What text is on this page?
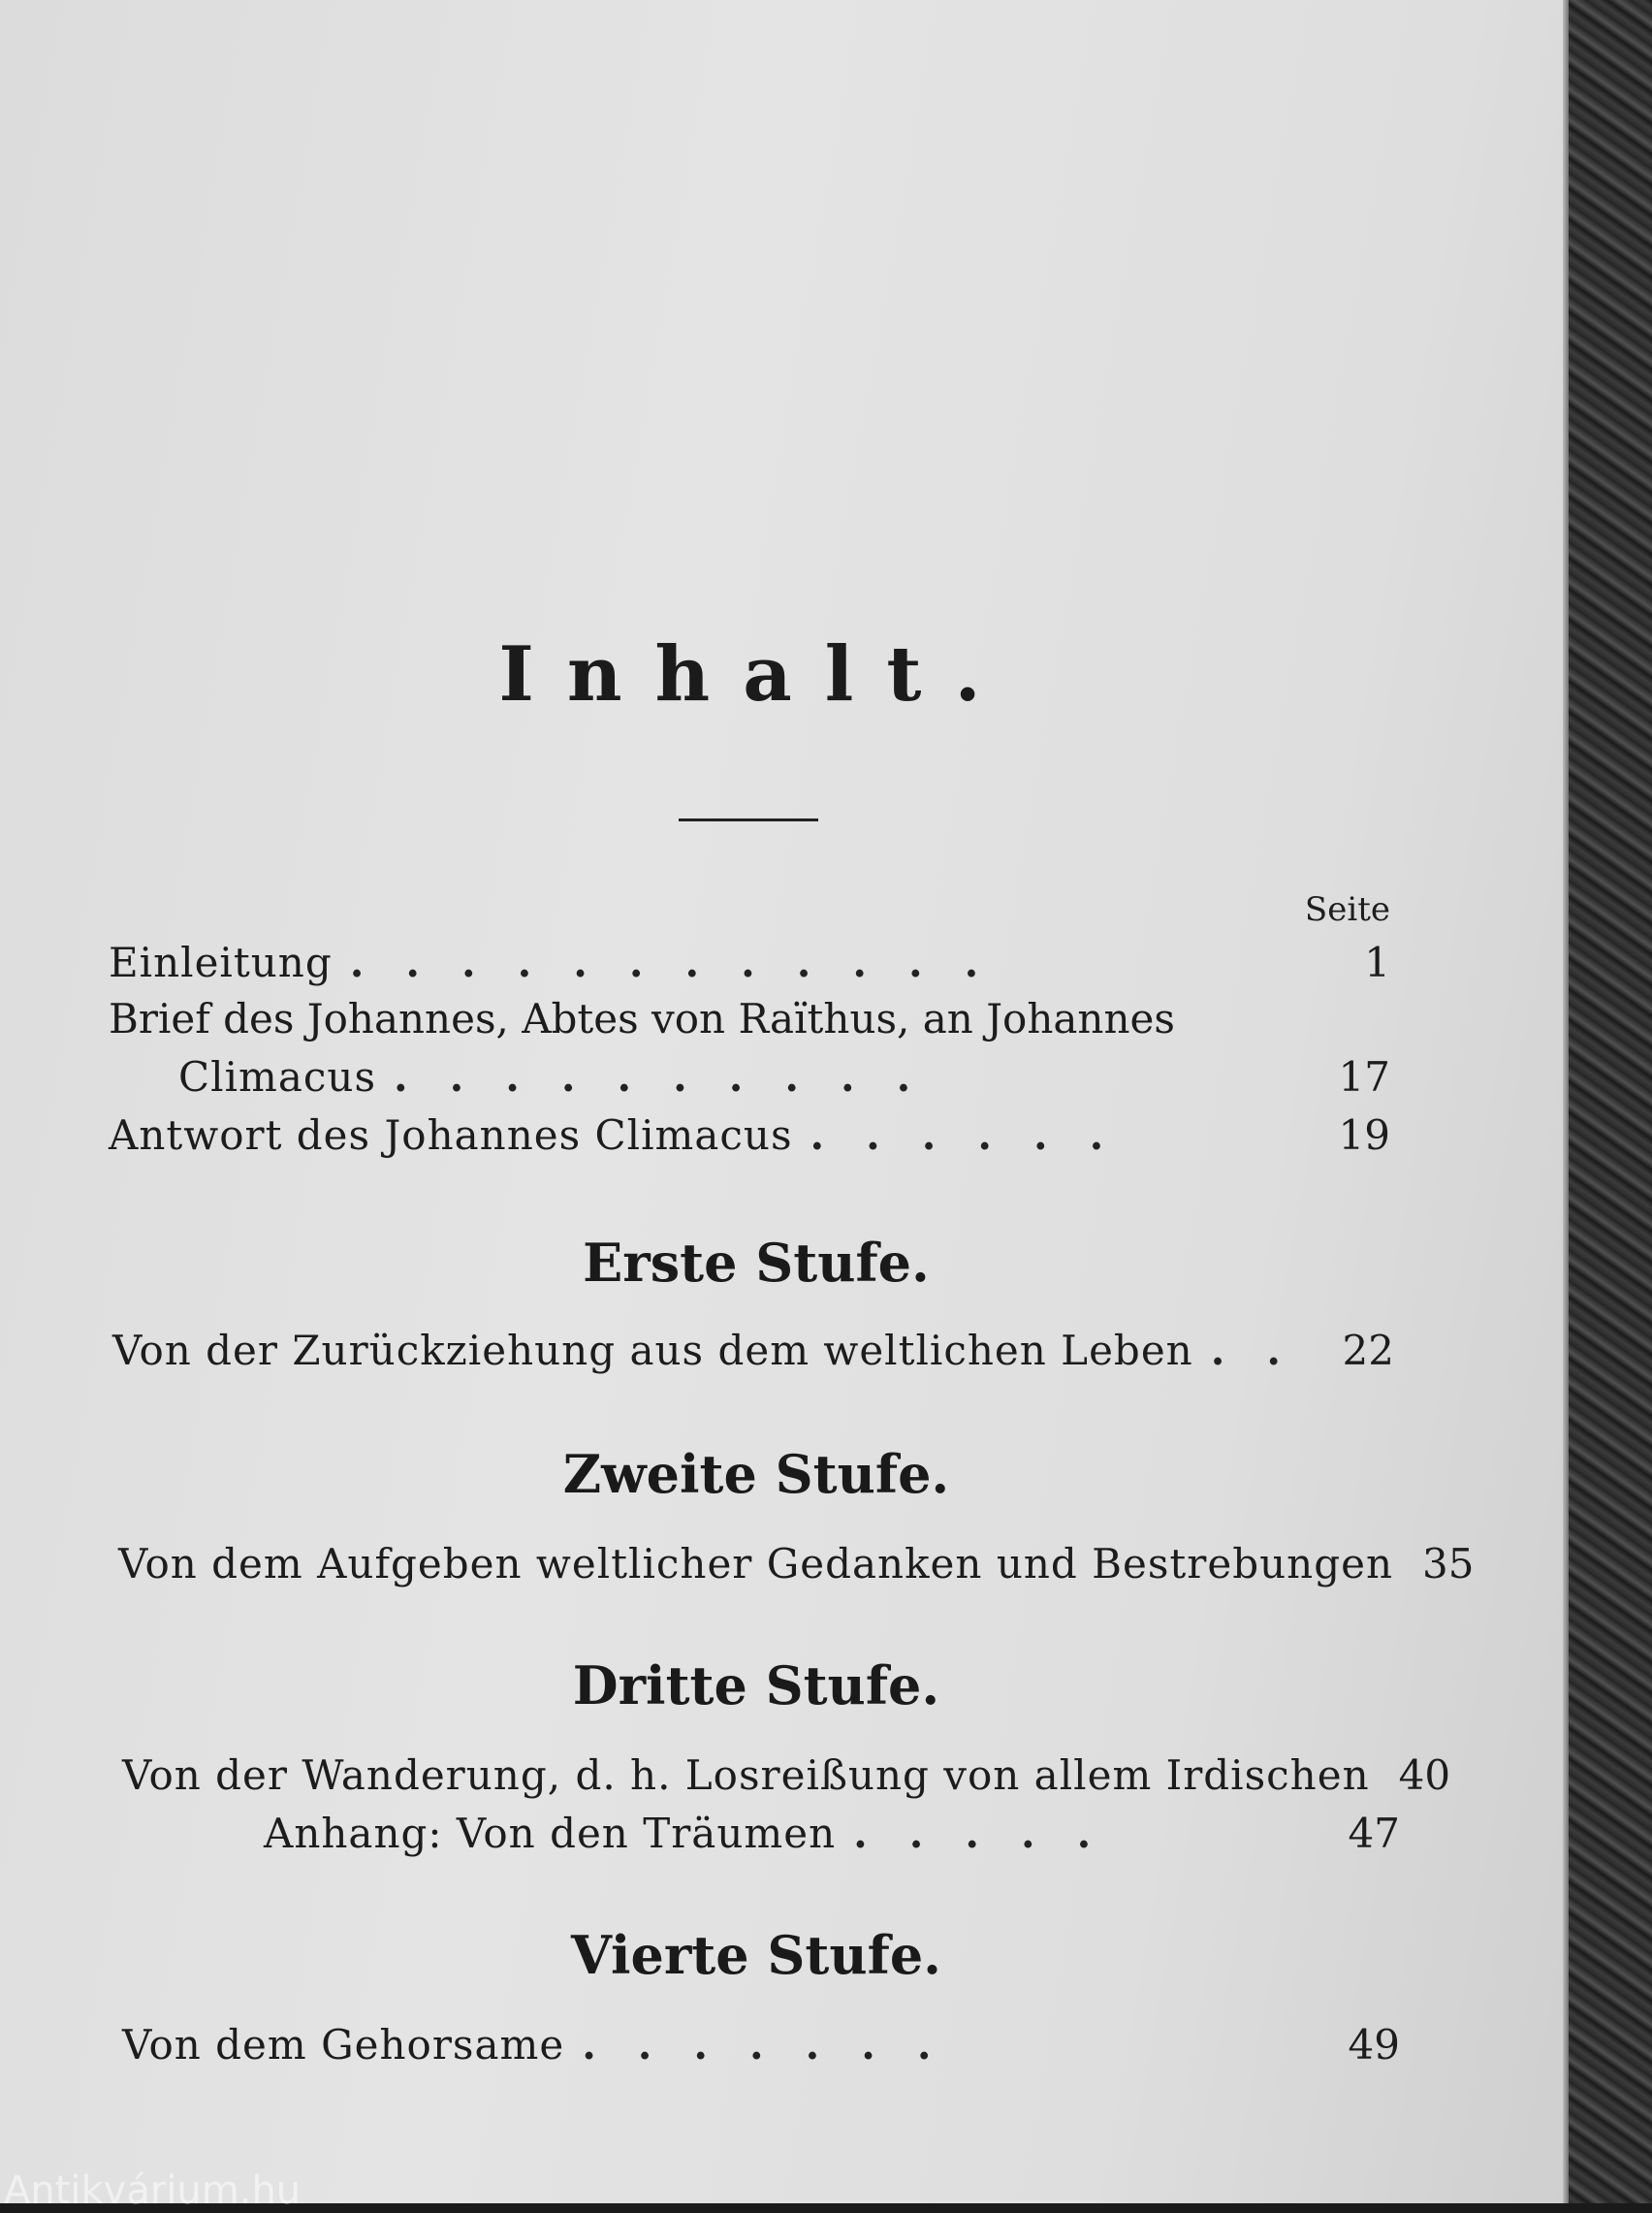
Inhalt.
Seite
Einleitung ............	1
Brief des Johannes, Abtes von Raïthus, an Johannes
Climacus ..........	17
Antwort des Johannes Climacus ......	19
Erste Stufe.
Von der Zurückziehung aus dem weltlichen Leben .. 22
Zweite Stufe.
Von dem Aufgeben weltlicher Gedanken und Bestrebungen 35
Dritte Stufe.
Von der Wanderung, d. h. Losreißung von allem Irdischen 40
Anhang: Von den Träumen .....	47
Vierte Stufe.
Von dem Gehorsame .......	49
Antikvárium.hu
